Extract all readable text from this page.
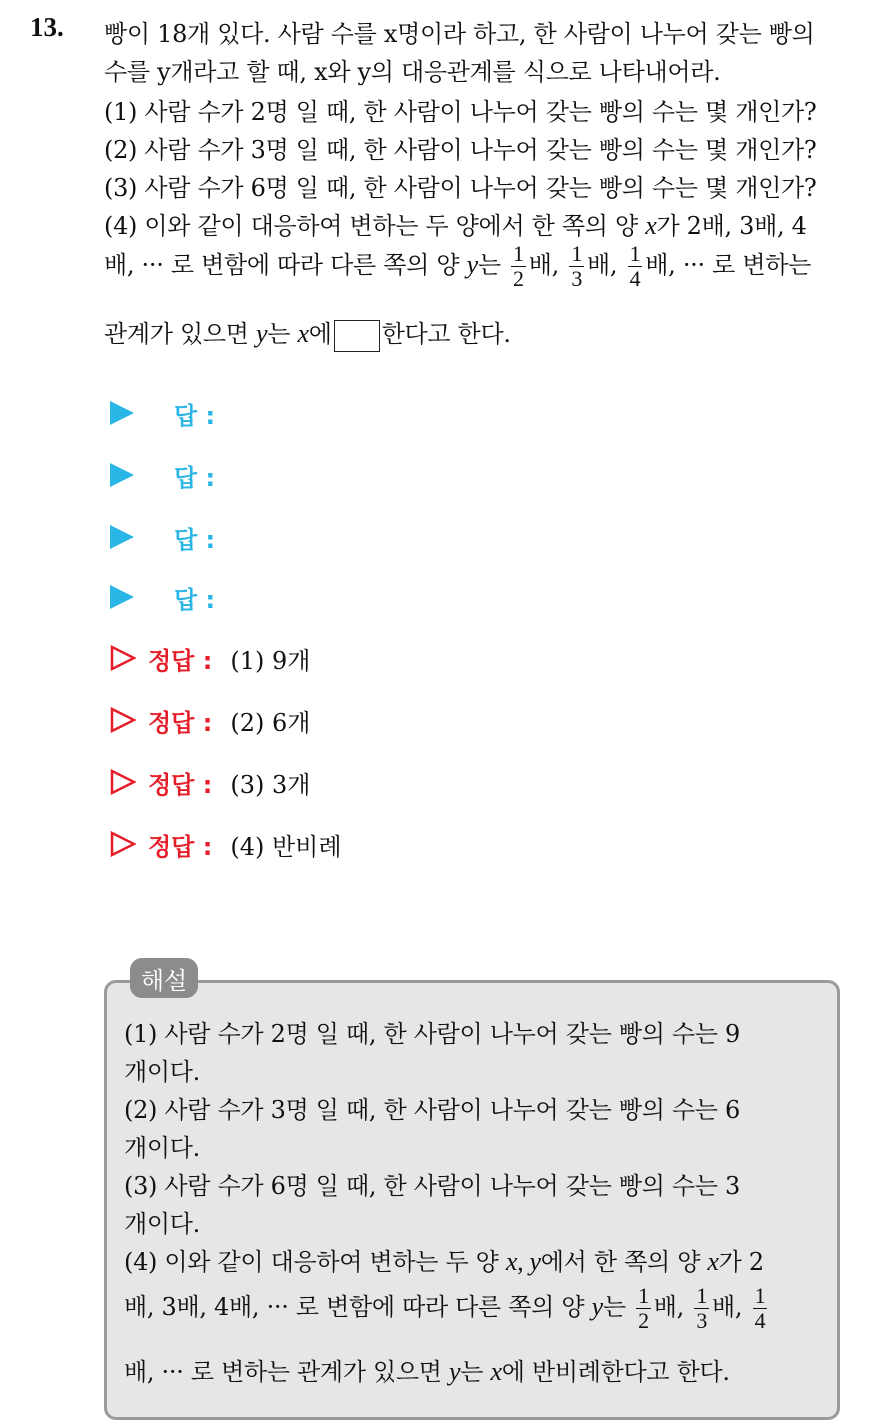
13. 빵이 18개 있다. 사람 수를 x명이라 하고, 한 사람이 나누어 갖는 빵의
수를 y개라고 할 때, x와 y의 대응관계를 식으로 나타내어라.
(1) 사람 수가 2명 일 때, 한 사람이 나누어 갖는 빵의 수는 몇 개인가?
(2) 사람 수가 3명 일 때, 한 사람이 나누어 갖는 빵의 수는 몇 개인가?
(3) 사람 수가 6명 일 때, 한 사람이 나누어 갖는 빵의 수는 몇 개인가?
(4) 이와 같이 대응하여 변하는 두 양에서 한 쪽의 양 x가 2배, 3배, 4
배, ··· 로 변함에 따라 다른 쪽의 양 y는 $\frac{1}{2}$ 배, $\frac{1}{3}$ 배, $\frac{1}{4}$ 배, ··· 로 변하는
관계가 있으면 y는 x에 한다고 한다.
답 :
답 :
답 :
답 :
정답 : (1) 9개
정답 : (2) 6개
정답 : (3) 3개
정답 : (4) 반비례
해설
(1) 사람 수가 2명 일 때, 한 사람이 나누어 갖는 빵의 수는 9
개이다.
(2) 사람 수가 3명 일 때, 한 사람이 나누어 갖는 빵의 수는 6
개이다.
(3) 사람 수가 6명 일 때, 한 사람이 나누어 갖는 빵의 수는 3
개이다.
(4) 이와 같이 대응하여 변하는 두 양 x, y에서 한 쪽의 양 x가 2
배, 3배, 4배, ··· 로 변함에 따라 다른 쪽의 양 y는 $\frac{1}{2}$ 배, $\frac{1}{3}$ 배, $\frac{1}{4}$
배, ··· 로 변하는 관계가 있으면 y는 x에 반비례한다고 한다.
